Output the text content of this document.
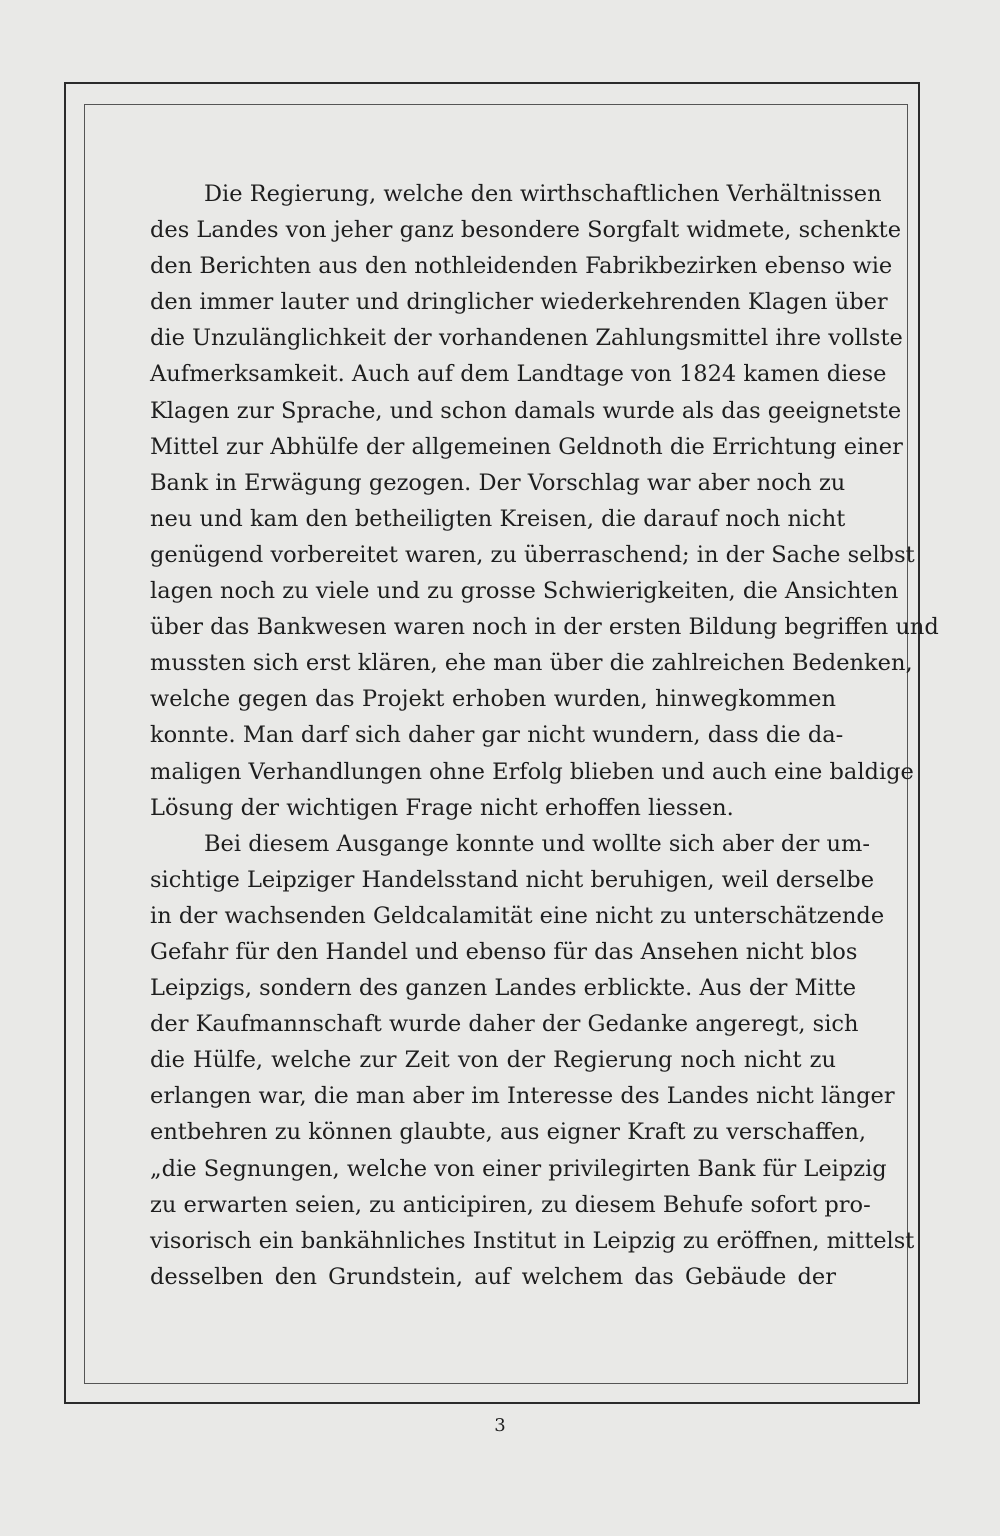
Die Regierung, welche den wirthschaftlichen Verhältnissen
des Landes von jeher ganz besondere Sorgfalt widmete, schenkte
den Berichten aus den nothleidenden Fabrikbezirken ebenso wie
den immer lauter und dringlicher wiederkehrenden Klagen über
die Unzulänglichkeit der vorhandenen Zahlungsmittel ihre vollste
Aufmerksamkeit. Auch auf dem Landtage von 1824 kamen diese
Klagen zur Sprache, und schon damals wurde als das geeignetste
Mittel zur Abhülfe der allgemeinen Geldnoth die Errichtung einer
Bank in Erwägung gezogen. Der Vorschlag war aber noch zu
neu und kam den betheiligten Kreisen, die darauf noch nicht
genügend vorbereitet waren, zu überraschend; in der Sache selbst
lagen noch zu viele und zu grosse Schwierigkeiten, die Ansichten
über das Bankwesen waren noch in der ersten Bildung begriffen und
mussten sich erst klären, ehe man über die zahlreichen Bedenken,
welche gegen das Projekt erhoben wurden, hinwegkommen
konnte. Man darf sich daher gar nicht wundern, dass die da-
maligen Verhandlungen ohne Erfolg blieben und auch eine baldige
Lösung der wichtigen Frage nicht erhoffen liessen.
Bei diesem Ausgange konnte und wollte sich aber der um-
sichtige Leipziger Handelsstand nicht beruhigen, weil derselbe
in der wachsenden Geldcalamität eine nicht zu unterschätzende
Gefahr für den Handel und ebenso für das Ansehen nicht blos
Leipzigs, sondern des ganzen Landes erblickte. Aus der Mitte
der Kaufmannschaft wurde daher der Gedanke angeregt, sich
die Hülfe, welche zur Zeit von der Regierung noch nicht zu
erlangen war, die man aber im Interesse des Landes nicht länger
entbehren zu können glaubte, aus eigner Kraft zu verschaffen,
„die Segnungen, welche von einer privilegirten Bank für Leipzig
zu erwarten seien, zu anticipiren, zu diesem Behufe sofort pro-
visorisch ein bankähnliches Institut in Leipzig zu eröffnen, mittelst
desselben den Grundstein, auf welchem das Gebäude der
3
